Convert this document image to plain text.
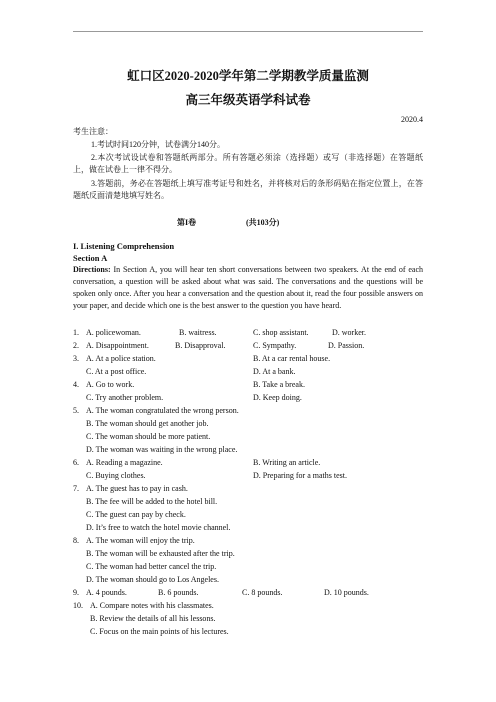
虹口区2020-2020学年第二学期教学质量监测
高三年级英语学科试卷
2020.4
考生注意：
1.考试时间120分钟，试卷满分140分。
2.本次考试设试卷和答题纸两部分。所有答题必须涂（选择题）或写（非选择题）在答题纸上，做在试卷上一律不得分。
3.答题前，务必在答题纸上填写准考证号和姓名，并将核对后的条形码贴在指定位置上，在答题纸反面清楚地填写姓名。
第I卷	(共103分)
I. Listening Comprehension
Section A
Directions: In Section A, you will hear ten short conversations between two speakers. At the end of each conversation, a question will be asked about what was said. The conversations and the questions will be spoken only once. After you hear a conversation and the question about it, read the four possible answers on your paper, and decide which one is the best answer to the question you have heard.
1. A. policewoman.	B. waitress.	C. shop assistant.	D. worker.
2. A. Disappointment.	B. Disapproval.	C. Sympathy.	D. Passion.
3. A. At a police station.	B. At a car rental house.
C. At a post office.	D. At a bank.
4. A. Go to work.	B. Take a break.
C. Try another problem.	D. Keep doing.
5. A. The woman congratulated the wrong person.
B. The woman should get another job.
C. The woman should be more patient.
D. The woman was waiting in the wrong place.
6. A. Reading a magazine.	B. Writing an article.
C. Buying clothes.	D. Preparing for a maths test.
7. A. The guest has to pay in cash.
B. The fee will be added to the hotel bill.
C. The guest can pay by check.
D. It’s free to watch the hotel movie channel.
8. A. The woman will enjoy the trip.
B. The woman will be exhausted after the trip.
C. The woman had better cancel the trip.
D. The woman should go to Los Angeles.
9. A. 4 pounds.	B. 6 pounds.	C. 8 pounds.	D. 10 pounds.
10. A. Compare notes with his classmates.
B. Review the details of all his lessons.
C. Focus on the main points of his lectures.
